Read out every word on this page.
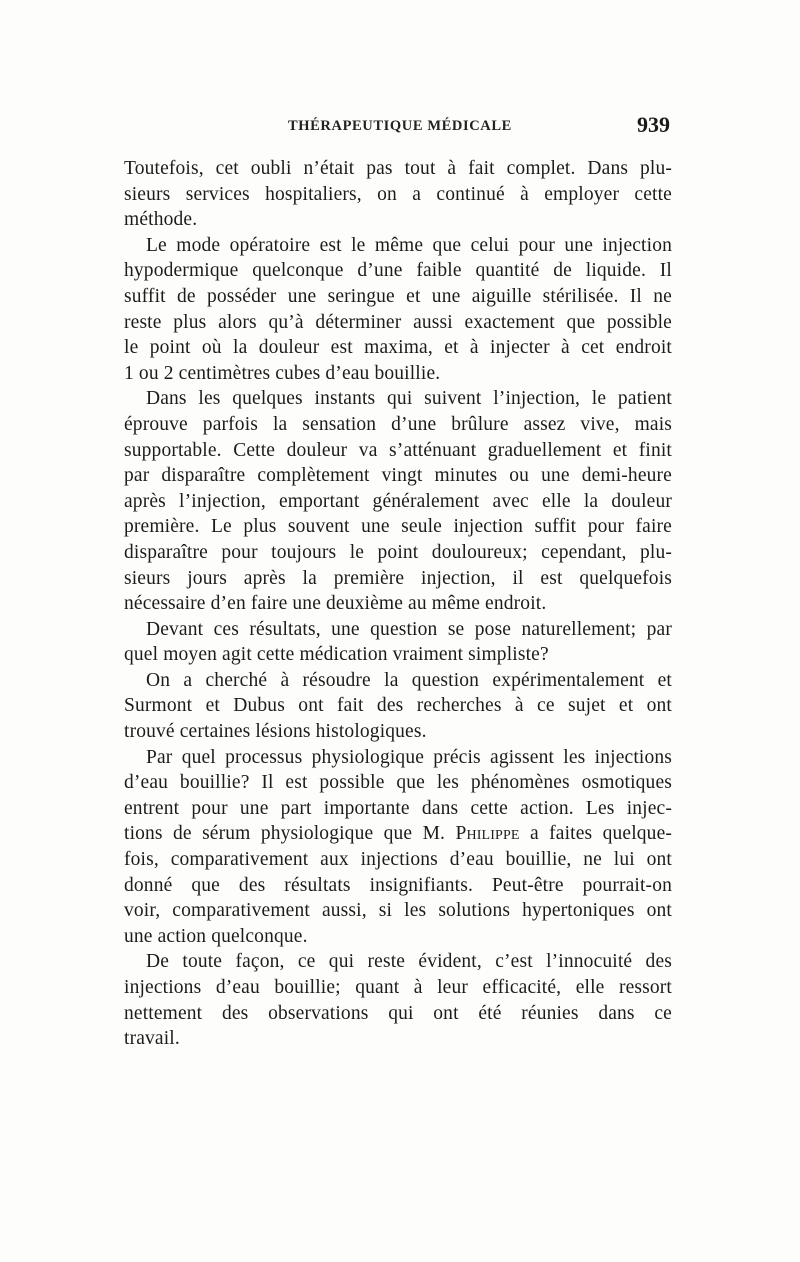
THÉRAPEUTIQUE MÉDICALE	939
Toutefois, cet oubli n’était pas tout à fait complet. Dans plu-
sieurs services hospitaliers, on a continué à employer cette
méthode.
Le mode opératoire est le même que celui pour une injection
hypodermique quelconque d’une faible quantité de liquide. Il
suffit de posséder une seringue et une aiguille stérilisée. Il ne
reste plus alors qu’à déterminer aussi exactement que possible
le point où la douleur est maxima, et à injecter à cet endroit
1 ou 2 centimètres cubes d’eau bouillie.
Dans les quelques instants qui suivent l’injection, le patient
éprouve parfois la sensation d’une brûlure assez vive, mais
supportable. Cette douleur va s’atténuant graduellement et finit
par disparaître complètement vingt minutes ou une demi-heure
après l’injection, emportant généralement avec elle la douleur
première. Le plus souvent une seule injection suffit pour faire
disparaître pour toujours le point douloureux; cependant, plu-
sieurs jours après la première injection, il est quelquefois
nécessaire d’en faire une deuxième au même endroit.
Devant ces résultats, une question se pose naturellement; par
quel moyen agit cette médication vraiment simpliste?
On a cherché à résoudre la question expérimentalement et
Surmont et Dubus ont fait des recherches à ce sujet et ont
trouvé certaines lésions histologiques.
Par quel processus physiologique précis agissent les injections
d’eau bouillie? Il est possible que les phénomènes osmotiques
entrent pour une part importante dans cette action. Les injec-
tions de sérum physiologique que M. Philippe a faites quelque-
fois, comparativement aux injections d’eau bouillie, ne lui ont
donné que des résultats insignifiants. Peut-être pourrait-on
voir, comparativement aussi, si les solutions hypertoniques ont
une action quelconque.
De toute façon, ce qui reste évident, c’est l’innocuité des
injections d’eau bouillie; quant à leur efficacité, elle ressort
nettement des observations qui ont été réunies dans ce
travail.
